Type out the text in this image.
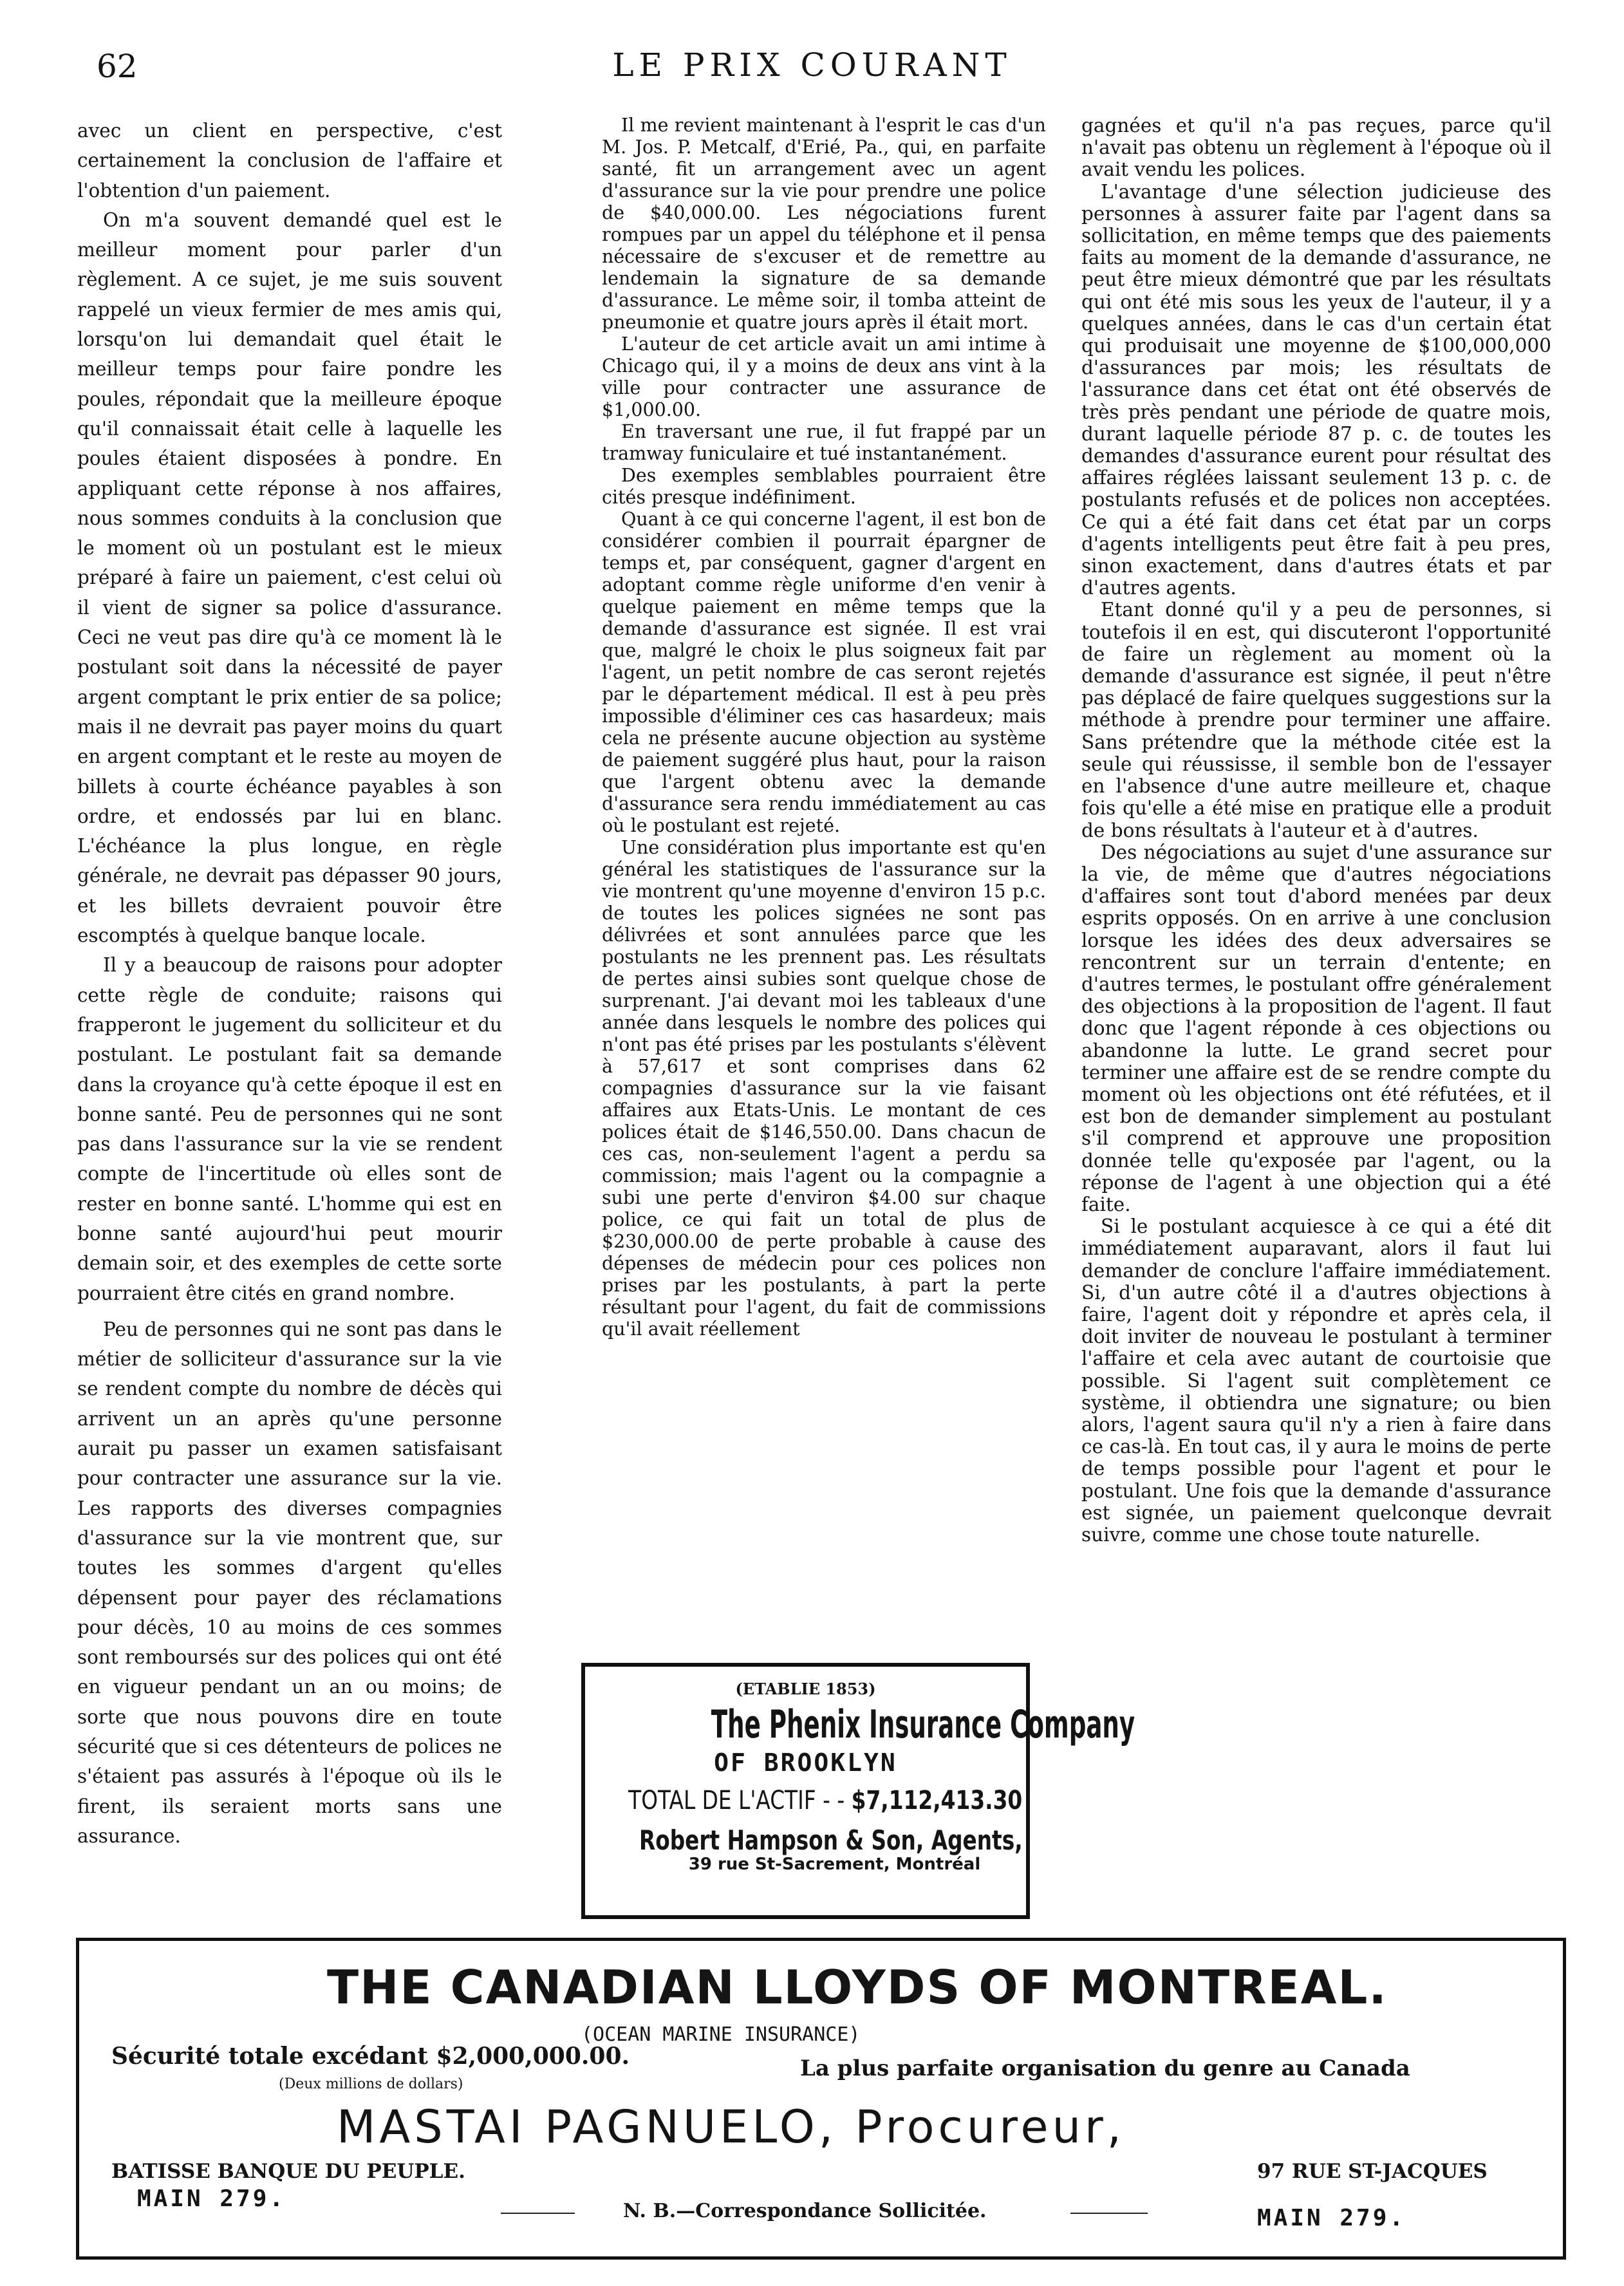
62	LE PRIX COURANT

avec un client en perspective, c'est certainement la conclusion de l'affaire et l'obtention d'un paiement.

On m'a souvent demandé quel est le meilleur moment pour parler d'un règlement. A ce sujet, je me suis souvent rappelé un vieux fermier de mes amis qui, lorsqu'on lui demandait quel était le meilleur temps pour faire pondre les poules, répondait que la meilleure époque qu'il connaissait était celle à laquelle les poules étaient disposées à pondre. En appliquant cette réponse à nos affaires, nous sommes conduits à la conclusion que le moment où un postulant est le mieux préparé à faire un paiement, c'est celui où il vient de signer sa police d'assurance. Ceci ne veut pas dire qu'à ce moment là le postulant soit dans la nécessité de payer argent comptant le prix entier de sa police; mais il ne devrait pas payer moins du quart en argent comptant et le reste au moyen de billets à courte échéance payables à son ordre, et endossés par lui en blanc. L'échéance la plus longue, en règle générale, ne devrait pas dépasser 90 jours, et les billets devraient pouvoir être escomptés à quelque banque locale.

Il y a beaucoup de raisons pour adopter cette règle de conduite; raisons qui frapperont le jugement du solliciteur et du postulant. Le postulant fait sa demande dans la croyance qu'à cette époque il est en bonne santé. Peu de personnes qui ne sont pas dans l'assurance sur la vie se rendent compte de l'incertitude où elles sont de rester en bonne santé. L'homme qui est en bonne santé aujourd'hui peut mourir demain soir, et des exemples de cette sorte pourraient être cités en grand nombre.

Peu de personnes qui ne sont pas dans le métier de solliciteur d'assurance sur la vie se rendent compte du nombre de décès qui arrivent un an après qu'une personne aurait pu passer un examen satisfaisant pour contracter une assurance sur la vie. Les rapports des diverses compagnies d'assurance sur la vie montrent que, sur toutes les sommes d'argent qu'elles dépensent pour payer des réclamations pour décès, 10 au moins de ces sommes sont remboursés sur des polices qui ont été en vigueur pendant un an ou moins; de sorte que nous pouvons dire en toute sécurité que si ces détenteurs de polices ne s'étaient pas assurés à l'époque où ils le firent, ils seraient morts sans une assurance.

Il me revient maintenant à l'esprit le cas d'un M. Jos. P. Metcalf, d'Erié, Pa., qui, en parfaite santé, fit un arrangement avec un agent d'assurance sur la vie pour prendre une police de $40,000.00. Les négociations furent rompues par un appel du téléphone et il pensa nécessaire de s'excuser et de remettre au lendemain la signature de sa demande d'assurance. Le même soir, il tomba atteint de pneumonie et quatre jours après il était mort.

L'auteur de cet article avait un ami intime à Chicago qui, il y a moins de deux ans vint à la ville pour contracter une assurance de $1,000.00.

En traversant une rue, il fut frappé par un tramway funiculaire et tué instantanément.

Des exemples semblables pourraient être cités presque indéfiniment.

Quant à ce qui concerne l'agent, il est bon de considérer combien il pourrait épargner de temps et, par conséquent, gagner d'argent en adoptant comme règle uniforme d'en venir à quelque paiement en même temps que la demande d'assurance est signée. Il est vrai que, malgré le choix le plus soigneux fait par l'agent, un petit nombre de cas seront rejetés par le département médical. Il est à peu près impossible d'éliminer ces cas hasardeux; mais cela ne présente aucune objection au système de paiement suggéré plus haut, pour la raison que l'argent obtenu avec la demande d'assurance sera rendu immédiatement au cas où le postulant est rejeté.

Une considération plus importante est qu'en général les statistiques de l'assurance sur la vie montrent qu'une moyenne d'environ 15 p.c. de toutes les polices signées ne sont pas délivrées et sont annulées parce que les postulants ne les prennent pas. Les résultats de pertes ainsi subies sont quelque chose de surprenant. J'ai devant moi les tableaux d'une année dans lesquels le nombre des polices qui n'ont pas été prises par les postulants s'élèvent à 57,617 et sont comprises dans 62 compagnies d'assurance sur la vie faisant affaires aux Etats-Unis. Le montant de ces polices était de $146,550.00. Dans chacun de ces cas, non-seulement l'agent a perdu sa commission; mais l'agent ou la compagnie a subi une perte d'environ $4.00 sur chaque police, ce qui fait un total de plus de $230,000.00 de perte probable à cause des dépenses de médecin pour ces polices non prises par les postulants, à part la perte résultant pour l'agent, du fait de commissions qu'il avait réellement

gagnées et qu'il n'a pas reçues, parce qu'il n'avait pas obtenu un règlement à l'époque où il avait vendu les polices.

L'avantage d'une sélection judicieuse des personnes à assurer faite par l'agent dans sa sollicitation, en même temps que des paiements faits au moment de la demande d'assurance, ne peut être mieux démontré que par les résultats qui ont été mis sous les yeux de l'auteur, il y a quelques années, dans le cas d'un certain état qui produisait une moyenne de $100,000,000 d'assurances par mois; les résultats de l'assurance dans cet état ont été observés de très près pendant une période de quatre mois, durant laquelle période 87 p. c. de toutes les demandes d'assurance eurent pour résultat des affaires réglées laissant seulement 13 p. c. de postulants refusés et de polices non acceptées. Ce qui a été fait dans cet état par un corps d'agents intelligents peut être fait à peu pres, sinon exactement, dans d'autres états et par d'autres agents.

Etant donné qu'il y a peu de personnes, si toutefois il en est, qui discuteront l'opportunité de faire un règlement au moment où la demande d'assurance est signée, il peut n'être pas déplacé de faire quelques suggestions sur la méthode à prendre pour terminer une affaire. Sans prétendre que la méthode citée est la seule qui réussisse, il semble bon de l'essayer en l'absence d'une autre meilleure et, chaque fois qu'elle a été mise en pratique elle a produit de bons résultats à l'auteur et à d'autres.

Des négociations au sujet d'une assurance sur la vie, de même que d'autres négociations d'affaires sont tout d'abord menées par deux esprits opposés. On en arrive à une conclusion lorsque les idées des deux adversaires se rencontrent sur un terrain d'entente; en d'autres termes, le postulant offre généralement des objections à la proposition de l'agent. Il faut donc que l'agent réponde à ces objections ou abandonne la lutte. Le grand secret pour terminer une affaire est de se rendre compte du moment où les objections ont été réfutées, et il est bon de demander simplement au postulant s'il comprend et approuve une proposition donnée telle qu'exposée par l'agent, ou la réponse de l'agent à une objection qui a été faite.

Si le postulant acquiesce à ce qui a été dit immédiatement auparavant, alors il faut lui demander de conclure l'affaire immédiatement. Si, d'un autre côté il a d'autres objections à faire, l'agent doit y répondre et après cela, il doit inviter de nouveau le postulant à terminer l'affaire et cela avec autant de courtoisie que possible. Si l'agent suit complètement ce système, il obtiendra une signature; ou bien alors, l'agent saura qu'il n'y a rien à faire dans ce cas-là. En tout cas, il y aura le moins de perte de temps possible pour l'agent et pour le postulant. Une fois que la demande d'assurance est signée, un paiement quelconque devrait suivre, comme une chose toute naturelle.

(ETABLIE 1853)
The Phenix Insurance Company
OF BROOKLYN
TOTAL DE L'ACTIF - - $7,112,413.30
Robert Hampson & Son, Agents,
39 rue St-Sacrement, Montréal
THE CANADIAN LLOYDS OF MONTREAL.
(OCEAN MARINE INSURANCE)
Sécurité totale excédant $2,000,000.00.
(Deux millions de dollars)
La plus parfaite organisation du genre au Canada
MASTAI PAGNUELO, Procureur,
BATISSE BANQUE DU PEUPLE.
MAIN 279.	N. B.—Correspondance Sollicitée.
97 RUE ST-JACQUES
MAIN 279.
